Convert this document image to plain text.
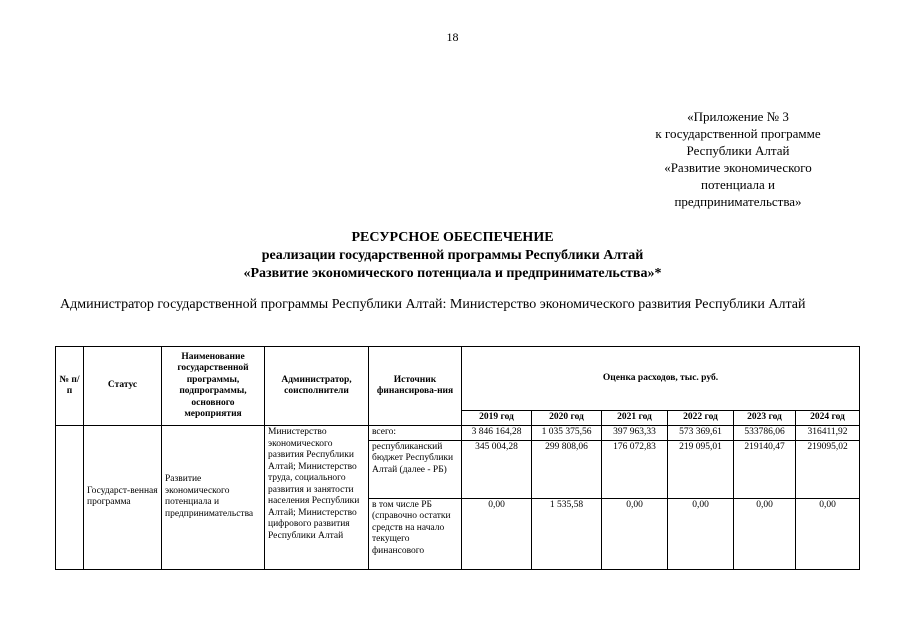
18
«Приложение № 3
к государственной программе
Республики Алтай
«Развитие экономического
потенциала и
предпринимательства»
РЕСУРСНОЕ ОБЕСПЕЧЕНИЕ
реализации государственной программы Республики Алтай
«Развитие экономического потенциала и предпринимательства»*
Администратор государственной программы Республики Алтай: Министерство экономического развития Республики Алтай
№ п/п	Статус	Наименование государственной программы, подпрограммы, основного мероприятия	Администратор, соисполнители	Источник финансирова-ния	Оценка расходов, тыс. руб.					
					2019 год	2020 год	2021 год	2022 год	2023 год	2024 год
	Государст-венная программа	Развитие экономического потенциала и предпринимательства	Министерство экономического развития Республики Алтай; Министерство труда, социального развития и занятости населения Республики Алтай; Министерство цифрового развития Республики Алтай	всего:	3 846 164,28	1 035 375,56	397 963,33	573 369,61	533786,06	316411,92
				республиканский бюджет Республики Алтай (далее - РБ)	345 004,28	299 808,06	176 072,83	219 095,01	219140,47	219095,02

				в том числе РБ (справочно остатки средств на начало текущего финансового	0,00	1 535,58	0,00	0,00	0,00	0,00
